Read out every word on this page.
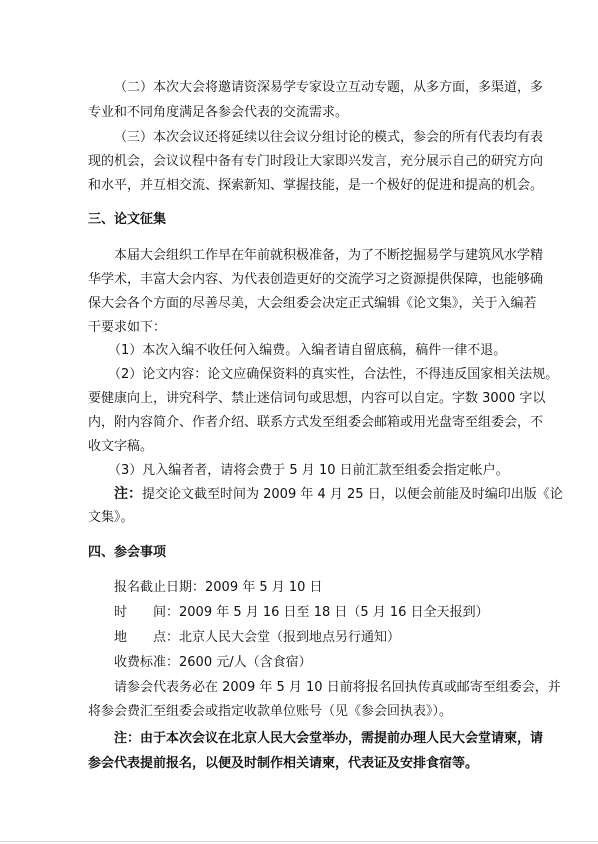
（二）本次大会将邀请资深易学专家设立互动专题，从多方面，多渠道，多
专业和不同角度满足各参会代表的交流需求。
（三）本次会议还将延续以往会议分组讨论的模式，参会的所有代表均有表
现的机会，会议议程中备有专门时段让大家即兴发言，充分展示自己的研究方向
和水平，并互相交流、探索新知、掌握技能，是一个极好的促进和提高的机会。
三、论文征集
本届大会组织工作早在年前就积极准备，为了不断挖掘易学与建筑风水学精
华学术，丰富大会内容、为代表创造更好的交流学习之资源提供保障，也能够确
保大会各个方面的尽善尽美，大会组委会决定正式编辑《论文集》，关于入编若
干要求如下：
（1）本次入编不收任何入编费。入编者请自留底稿，稿件一律不退。
（2）论文内容：论文应确保资料的真实性，合法性，不得违反国家相关法规。
要健康向上，讲究科学、禁止迷信词句或思想，内容可以自定。字数 3000 字以
内，附内容简介、作者介绍、联系方式发至组委会邮箱或用光盘寄至组委会，不
收文字稿。
（3）凡入编者者，请将会费于 5 月 10 日前汇款至组委会指定帐户。
注：提交论文截至时间为 2009 年 4 月 25 日，以便会前能及时编印出版《论
文集》。
四、参会事项
报名截止日期：2009 年 5 月 10 日
时　　间：2009 年 5 月 16 日至 18 日（5 月 16 日全天报到）
地　　点：北京人民大会堂（报到地点另行通知）
收费标准：2600 元/人（含食宿）
请参会代表务必在 2009 年 5 月 10 日前将报名回执传真或邮寄至组委会，并
将参会费汇至组委会或指定收款单位账号（见《参会回执表》）。
注：由于本次会议在北京人民大会堂举办，需提前办理人民大会堂请柬，请
参会代表提前报名，以便及时制作相关请柬，代表证及安排食宿等。
